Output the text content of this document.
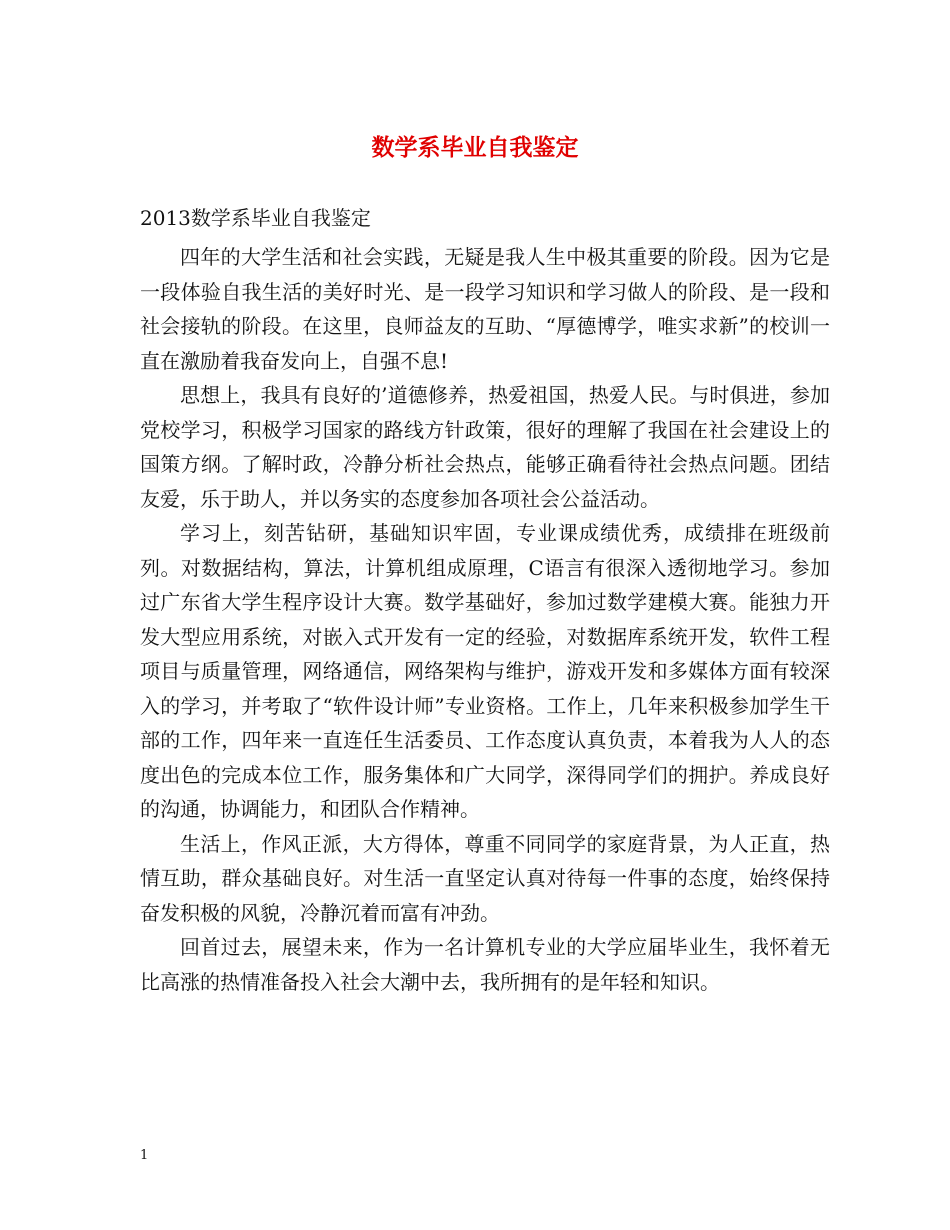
数学系毕业自我鉴定
2013数学系毕业自我鉴定

四年的大学生活和社会实践，无疑是我人生中极其重要的阶段。因为它是一段体验自我生活的美好时光、是一段学习知识和学习做人的阶段、是一段和社会接轨的阶段。在这里，良师益友的互助、“厚德博学，唯实求新”的校训一直在激励着我奋发向上，自强不息!

思想上，我具有良好的’道德修养，热爱祖国，热爱人民。与时俱进，参加党校学习，积极学习国家的路线方针政策，很好的理解了我国在社会建设上的国策方纲。了解时政，冷静分析社会热点，能够正确看待社会热点问题。团结友爱，乐于助人，并以务实的态度参加各项社会公益活动。

学习上，刻苦钻研，基础知识牢固，专业课成绩优秀，成绩排在班级前列。对数据结构，算法，计算机组成原理，C语言有很深入透彻地学习。参加过广东省大学生程序设计大赛。数学基础好，参加过数学建模大赛。能独力开发大型应用系统，对嵌入式开发有一定的经验，对数据库系统开发，软件工程项目与质量管理，网络通信，网络架构与维护，游戏开发和多媒体方面有较深入的学习，并考取了“软件设计师”专业资格。工作上，几年来积极参加学生干部的工作，四年来一直连任生活委员、工作态度认真负责，本着我为人人的态度出色的完成本位工作，服务集体和广大同学，深得同学们的拥护。养成良好的沟通，协调能力，和团队合作精神。

生活上，作风正派，大方得体，尊重不同同学的家庭背景，为人正直，热情互助，群众基础良好。对生活一直坚定认真对待每一件事的态度，始终保持奋发积极的风貌，冷静沉着而富有冲劲。

回首过去，展望未来，作为一名计算机专业的大学应届毕业生，我怀着无比高涨的热情准备投入社会大潮中去，我所拥有的是年轻和知识。

1
